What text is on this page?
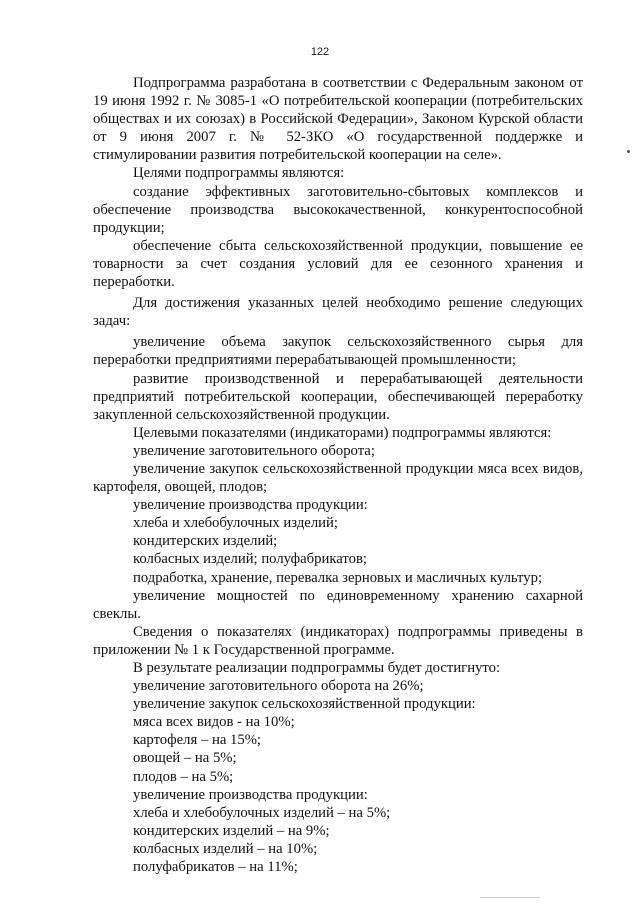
122

Подпрограмма разработана в соответствии с Федеральным законом от 19 июня 1992 г. № 3085-1 «О потребительской кооперации (потребительских обществах и их союзах) в Российской Федерации», Законом Курской области от 9 июня 2007 г. № 52-ЗКО «О государственной поддержке и стимулировании развития потребительской кооперации на селе».

Целями подпрограммы являются:

создание эффективных заготовительно-сбытовых комплексов и обеспечение производства высококачественной, конкурентоспособной продукции;

обеспечение сбыта сельскохозяйственной продукции, повышение ее товарности за счет создания условий для ее сезонного хранения и переработки.

Для достижения указанных целей необходимо решение следующих задач:

увеличение объема закупок сельскохозяйственного сырья для переработки предприятиями перерабатывающей промышленности;

развитие производственной и перерабатывающей деятельности предприятий потребительской кооперации, обеспечивающей переработку закупленной сельскохозяйственной продукции.

Целевыми показателями (индикаторами) подпрограммы являются:

увеличение заготовительного оборота;

увеличение закупок сельскохозяйственной продукции мяса всех видов, картофеля, овощей, плодов;

увеличение производства продукции:

хлеба и хлебобулочных изделий;

кондитерских изделий;

колбасных изделий; полуфабрикатов;

подработка, хранение, перевалка зерновых и масличных культур;

увеличение мощностей по единовременному хранению сахарной свеклы.

Сведения о показателях (индикаторах) подпрограммы приведены в приложении № 1 к Государственной программе.

В результате реализации подпрограммы будет достигнуто:

увеличение заготовительного оборота на 26%;

увеличение закупок сельскохозяйственной продукции:

мяса всех видов - на 10%;

картофеля – на 15%;

овощей – на 5%;

плодов – на 5%;

увеличение производства продукции:

хлеба и хлебобулочных изделий – на 5%;

кондитерских изделий – на 9%;

колбасных изделий – на 10%;

полуфабрикатов – на 11%;
